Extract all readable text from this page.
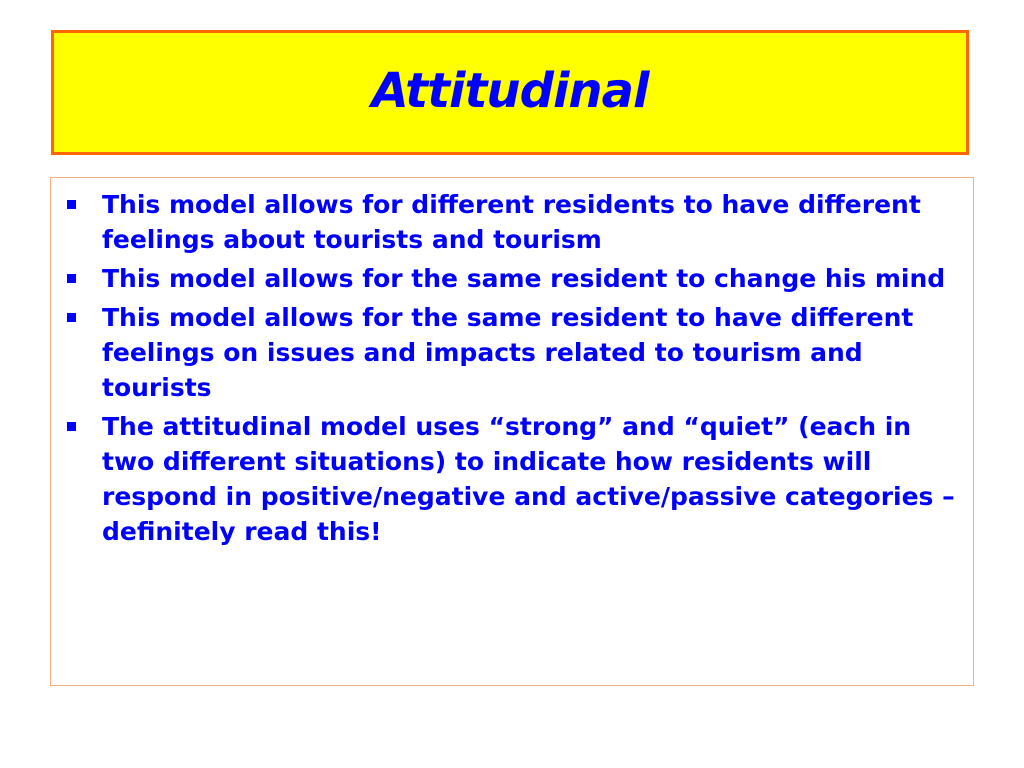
Attitudinal
This model allows for different residents to have different feelings about tourists and tourism
This model allows for the same resident to change his mind
This model allows for the same resident to have different feelings on issues and impacts related to tourism and tourists
The attitudinal model uses “strong” and “quiet” (each in two different situations) to indicate how residents will respond in positive/negative and active/passive categories – definitely read this!
